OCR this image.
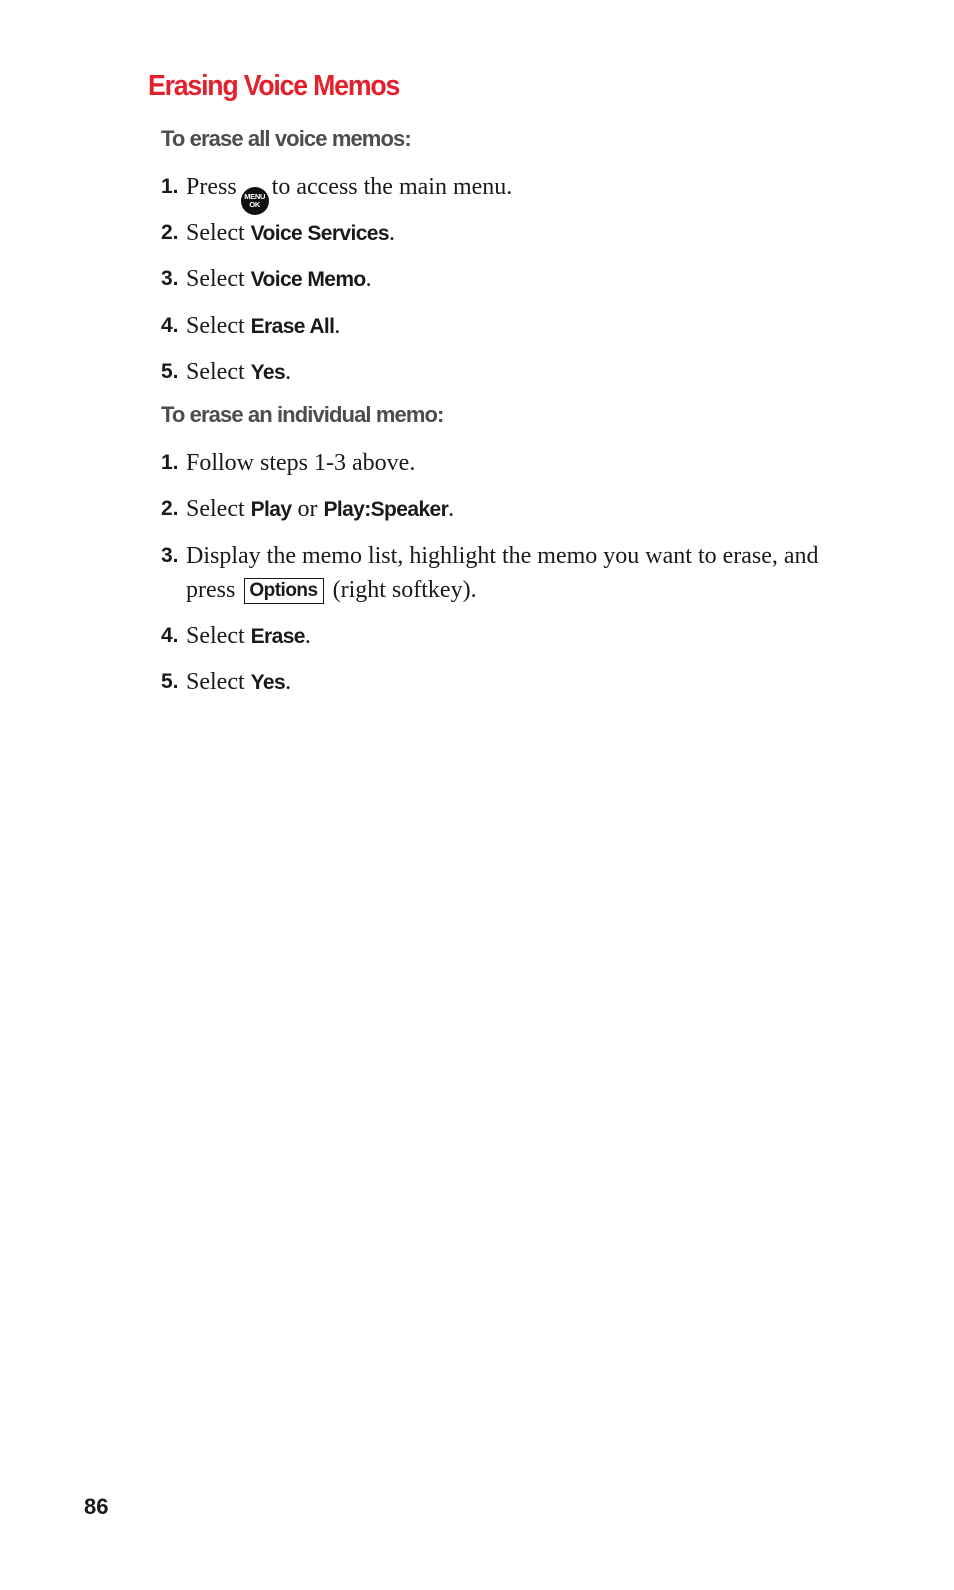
Erasing Voice Memos
To erase all voice memos:
1. Press MENU
OK
to access the main menu.
2. Select Voice Services.
3. Select Voice Memo.
4. Select Erase All.
5. Select Yes.
To erase an individual memo:
1. Follow steps 1-3 above.
2. Select Play or Play:Speaker.
3. Display the memo list, highlight the memo you want to erase, and press Options (right softkey).
4. Select Erase.
5. Select Yes.
86
